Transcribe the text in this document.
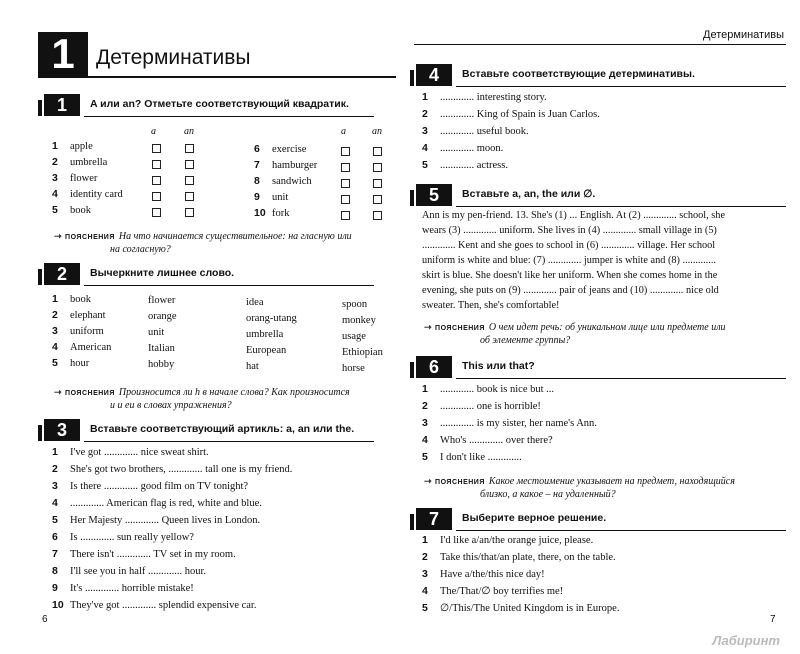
1	Детерминативы
1	A или an? Отметьте соответствующий квадратик.
a	an	a	an
1 apple
2 umbrella
3 flower
4 identity card
5 book
6 exercise
7 hamburger
8 sandwich
9 unit
10 fork
⇾ ПОЯСНЕНИЯ На что начинается существительное: на гласную или
на согласную?
2	Вычеркните лишнее слово.
1 book	flower	idea	spoon
2 elephant	orange	orang-utang	monkey
3 uniform	unit	umbrella	usage
4 American	Italian	European	Ethiopian
5 hour	hobby	hat	horse
⇾ ПОЯСНЕНИЯ Произносится ли h в начале слова? Как произносится
u и eu в словах упражнения?
3	Вставьте соответствующий артикль: a, an или the.
1 I've got ............. nice sweat shirt.
2 She's got two brothers, ............. tall one is my friend.
3 Is there ............. good film on TV tonight?
4 ............. American flag is red, white and blue.
5 Her Majesty ............. Queen lives in London.
6 Is ............. sun really yellow?
7 There isn't ............. TV set in my room.
8 I'll see you in half ............. hour.
9 It's ............. horrible mistake!
10 They've got ............. splendid expensive car.
6
Детерминативы
4	Вставьте соответствующие детерминативы.
1 ............. interesting story.
2 ............. King of Spain is Juan Carlos.
3 ............. useful book.
4 ............. moon.
5 ............. actress.
5	Вставьте a, an, the или ∅.
Ann is my pen-friend. 13. She's (1) ... English. At (2) ............. school, she
wears (3) ............. uniform. She lives in (4) ............. small village in (5)
............. Kent and she goes to school in (6) ............. village. Her school
uniform is white and blue: (7) ............. jumper is white and (8) .............
skirt is blue. She doesn't like her uniform. When she comes home in the
evening, she puts on (9) ............. pair of jeans and (10) ............. nice old
sweater. Then, she's comfortable!
⇾ ПОЯСНЕНИЯ О чем идет речь: об уникальном лице или предмете или
об элементе группы?
6	This или that?
1 ............. book is nice but ...
2 ............. one is horrible!
3 ............. is my sister, her name's Ann.
4 Who's ............. over there?
5 I don't like .............
⇾ ПОЯСНЕНИЯ Какое местоимение указывает на предмет, находящийся
близко, а какое – на удаленный?
7	Выберите верное решение.
1 I'd like a/an/the orange juice, please.
2 Take this/that/an plate, there, on the table.
3 Have a/the/this nice day!
4 The/That/∅ boy terrifies me!
5 ∅/This/The United Kingdom is in Europe.
7
Лабиринт
